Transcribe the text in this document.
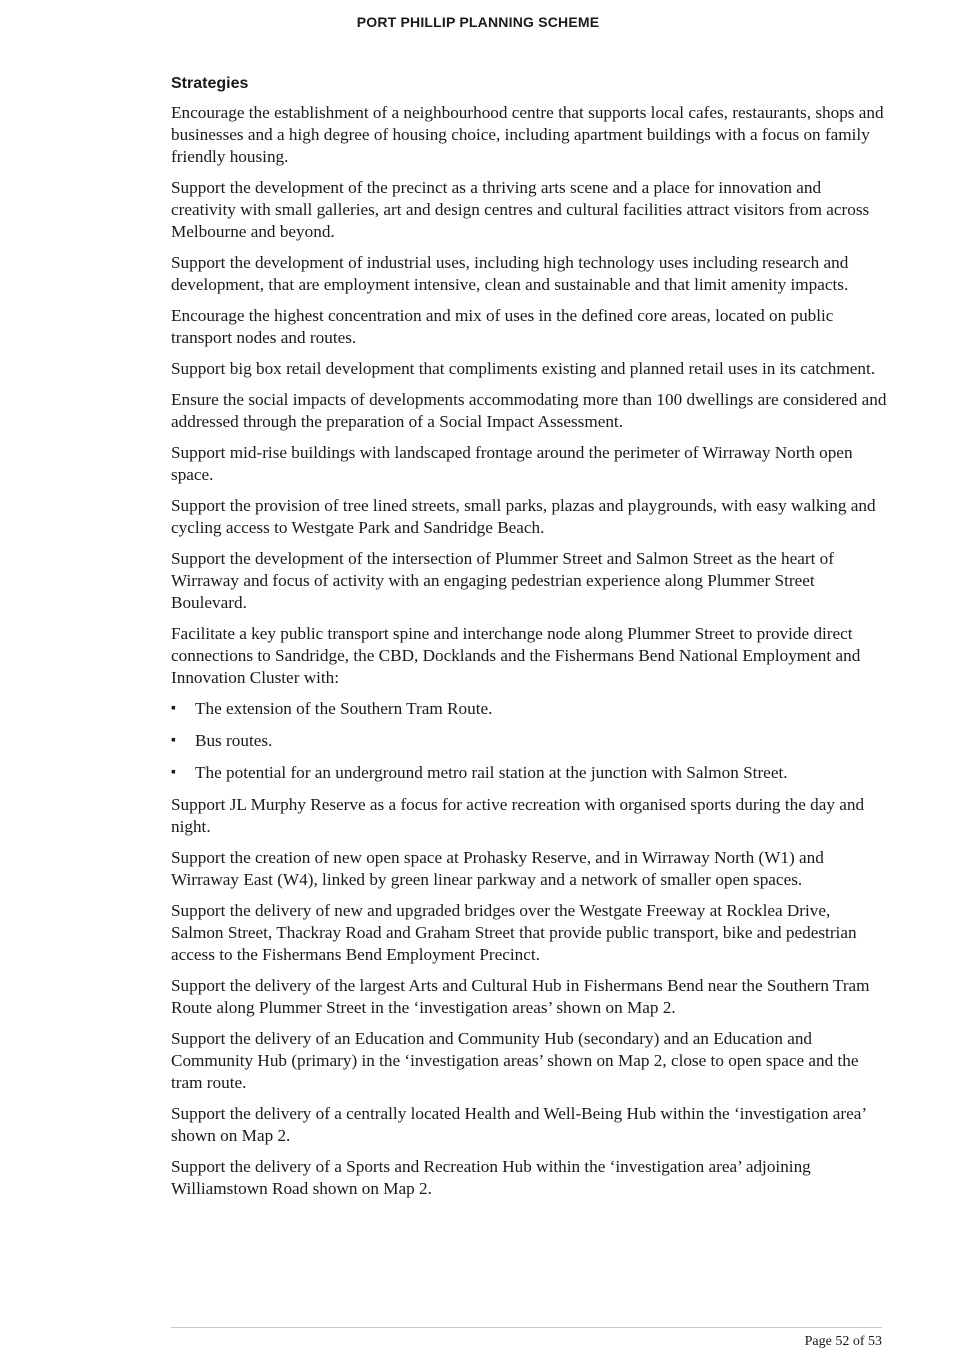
PORT PHILLIP PLANNING SCHEME
Strategies

Encourage the establishment of a neighbourhood centre that supports local cafes, restaurants, shops and businesses and a high degree of housing choice, including apartment buildings with a focus on family friendly housing.

Support the development of the precinct as a thriving arts scene and a place for innovation and creativity with small galleries, art and design centres and cultural facilities attract visitors from across Melbourne and beyond.

Support the development of industrial uses, including high technology uses including research and development, that are employment intensive, clean and sustainable and that limit amenity impacts.

Encourage the highest concentration and mix of uses in the defined core areas, located on public transport nodes and routes.

Support big box retail development that compliments existing and planned retail uses in its catchment.

Ensure the social impacts of developments accommodating more than 100 dwellings are considered and addressed through the preparation of a Social Impact Assessment.

Support mid-rise buildings with landscaped frontage around the perimeter of Wirraway North open space.

Support the provision of tree lined streets, small parks, plazas and playgrounds, with easy walking and cycling access to Westgate Park and Sandridge Beach.

Support the development of the intersection of Plummer Street and Salmon Street as the heart of Wirraway and focus of activity with an engaging pedestrian experience along Plummer Street Boulevard.

Facilitate a key public transport spine and interchange node along Plummer Street to provide direct connections to Sandridge, the CBD, Docklands and the Fishermans Bend National Employment and Innovation Cluster with:

▪ The extension of the Southern Tram Route.
▪ Bus routes.
▪ The potential for an underground metro rail station at the junction with Salmon Street.

Support JL Murphy Reserve as a focus for active recreation with organised sports during the day and night.

Support the creation of new open space at Prohasky Reserve, and in Wirraway North (W1) and Wirraway East (W4), linked by green linear parkway and a network of smaller open spaces.

Support the delivery of new and upgraded bridges over the Westgate Freeway at Rocklea Drive, Salmon Street, Thackray Road and Graham Street that provide public transport, bike and pedestrian access to the Fishermans Bend Employment Precinct.

Support the delivery of the largest Arts and Cultural Hub in Fishermans Bend near the Southern Tram Route along Plummer Street in the ‘investigation areas’ shown on Map 2.

Support the delivery of an Education and Community Hub (secondary) and an Education and Community Hub (primary) in the ‘investigation areas’ shown on Map 2, close to open space and the tram route.

Support the delivery of a centrally located Health and Well-Being Hub within the ‘investigation area’ shown on Map 2.

Support the delivery of a Sports and Recreation Hub within the ‘investigation area’ adjoining Williamstown Road shown on Map 2.

Page 52 of 53
